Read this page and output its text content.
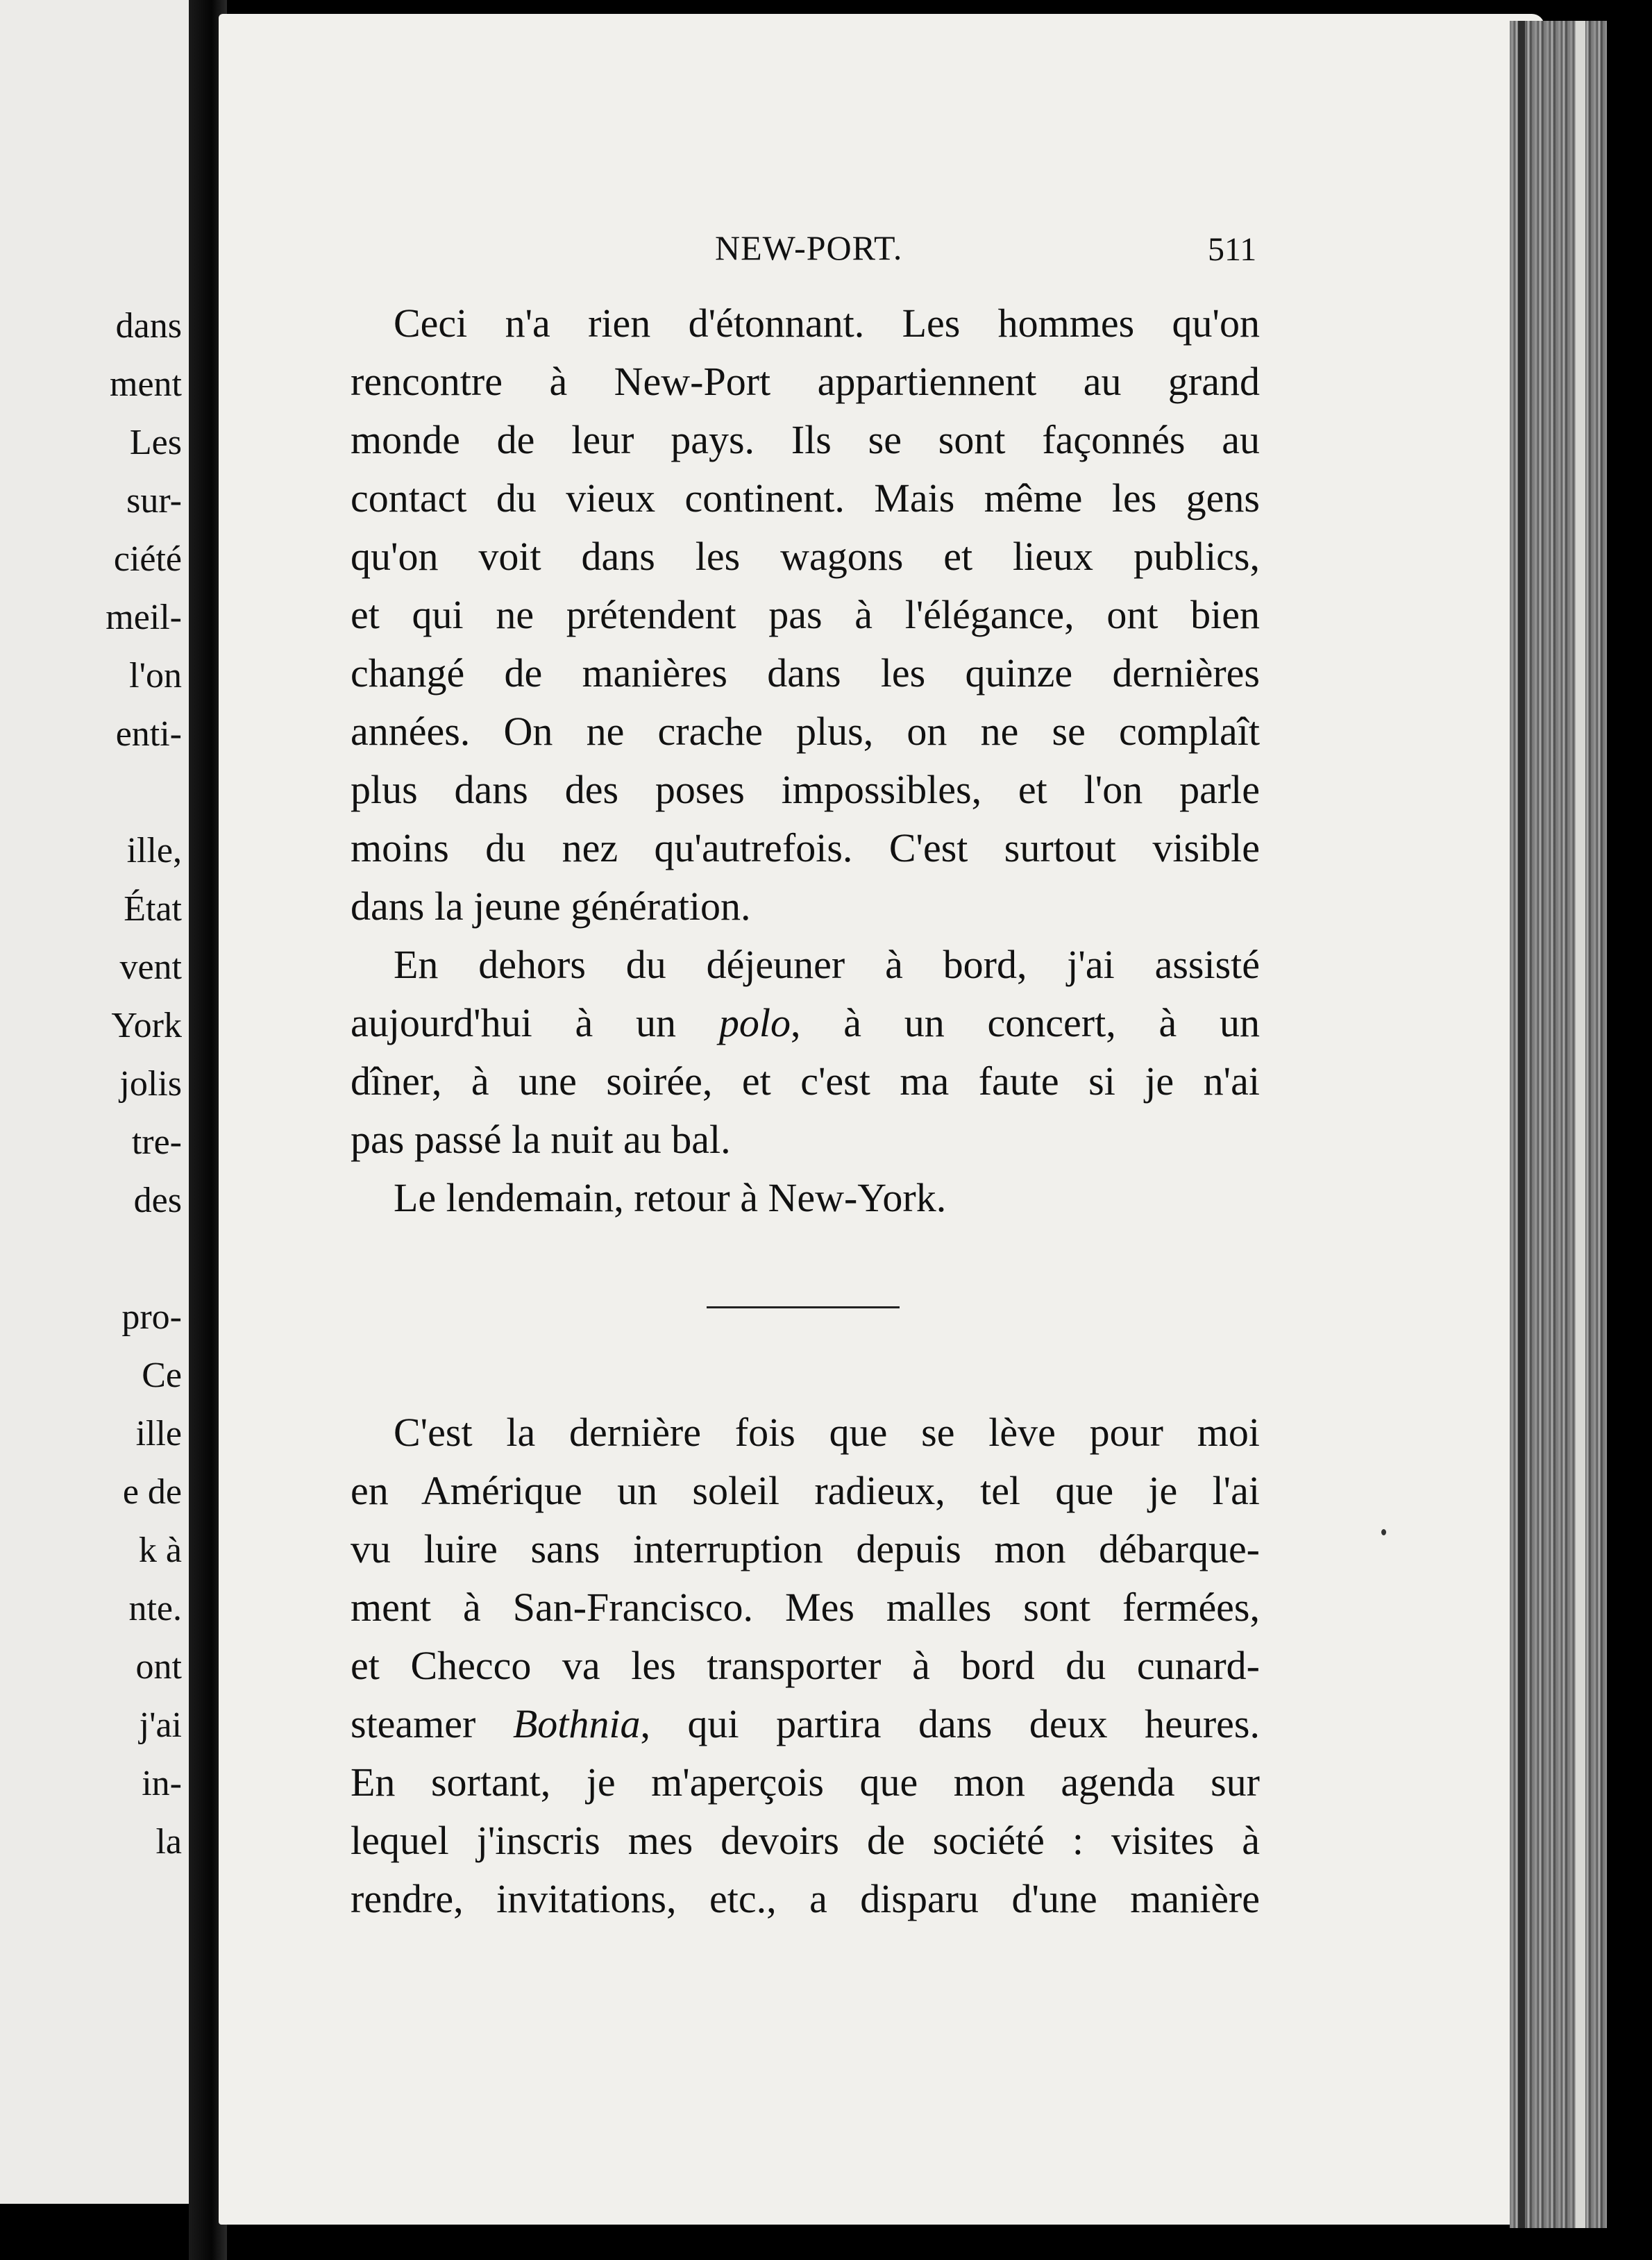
dans
ment
Les
sur-
ciété
meil-
l'on
enti-
ille,
État
vent
York
jolis
tre-
des
pro-
Ce
ille
e de
k à
nte.
ont
j'ai
in-
la
NEW-PORT.	511
Ceci n'a rien d'étonnant. Les hommes qu'on
rencontre à New-Port appartiennent au grand
monde de leur pays. Ils se sont façonnés au
contact du vieux continent. Mais même les gens
qu'on voit dans les wagons et lieux publics,
et qui ne prétendent pas à l'élégance, ont bien
changé de manières dans les quinze dernières
années. On ne crache plus, on ne se complaît
plus dans des poses impossibles, et l'on parle
moins du nez qu'autrefois. C'est surtout visible
dans la jeune génération.
En dehors du déjeuner à bord, j'ai assisté
aujourd'hui à un polo, à un concert, à un
dîner, à une soirée, et c'est ma faute si je n'ai
pas passé la nuit au bal.
Le lendemain, retour à New-York.
C'est la dernière fois que se lève pour moi
en Amérique un soleil radieux, tel que je l'ai
vu luire sans interruption depuis mon débarque-
ment à San-Francisco. Mes malles sont fermées,
et Checco va les transporter à bord du cunard-
steamer Bothnia, qui partira dans deux heures.
En sortant, je m'aperçois que mon agenda sur
lequel j'inscris mes devoirs de société : visites à
rendre, invitations, etc., a disparu d'une manière
